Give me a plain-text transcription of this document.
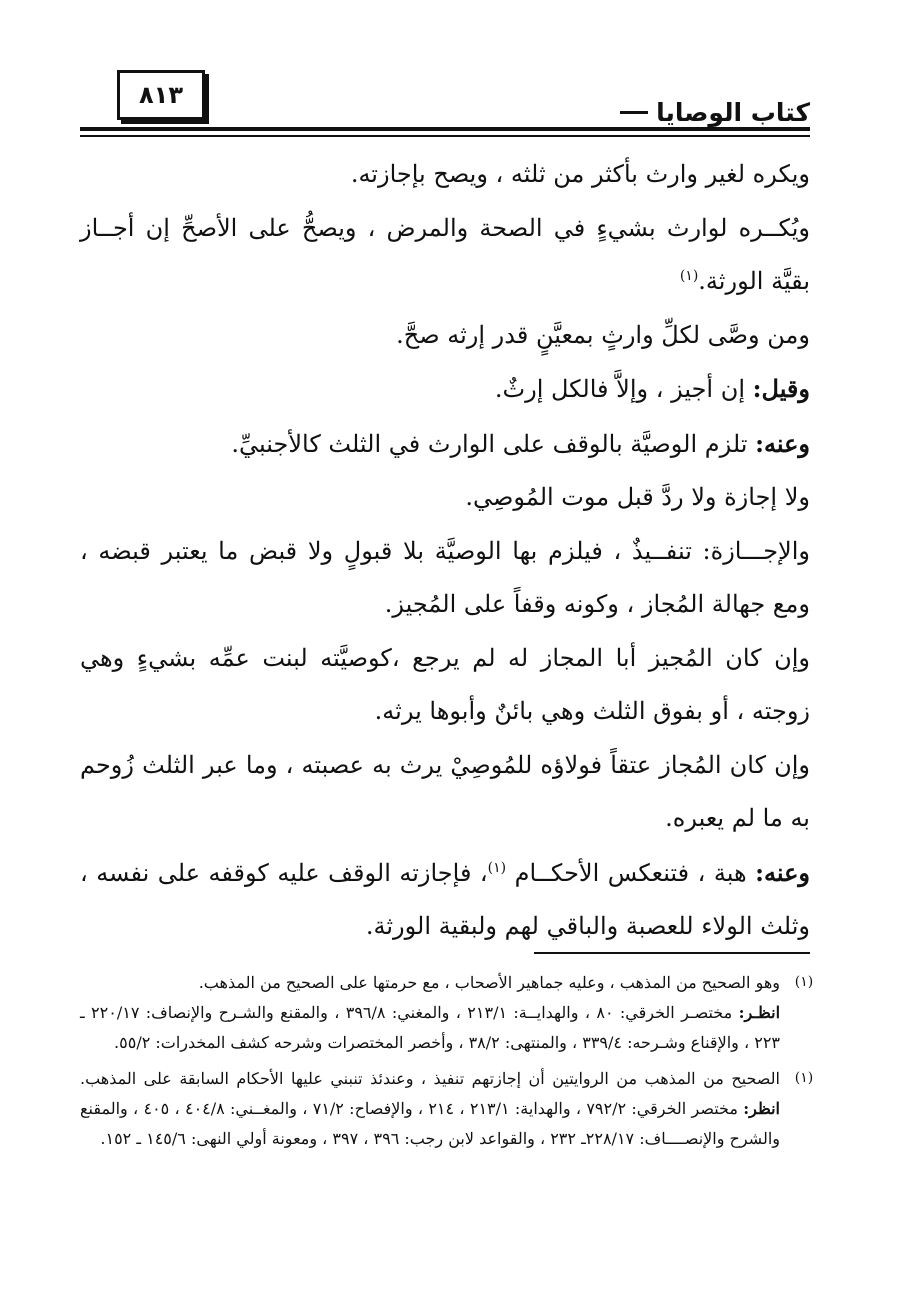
٨١٣
كتاب الوصايا

ويكره لغير وارث بأكثر من ثلثه ، ويصح بإجازته.

ويُكــره لوارث بشيءٍ في الصحة والمرض ، ويصحُّ على الأصحِّ إن أجــاز بقيَّة الورثة.$^{(١)}$

ومن وصَّى لكلِّ وارثٍ بمعيَّنٍ قدر إرثه صحَّ.

وقيل: إن أجيز ، وإلاَّ فالكل إرثٌ.

وعنه: تلزم الوصيَّة بالوقف على الوارث في الثلث كالأجنبيِّ.

ولا إجازة ولا ردَّ قبل موت المُوصِي.

والإجـــازة: تنفــيذٌ ، فيلزم بها الوصيَّة بلا قبولٍ ولا قبض ما يعتبر قبضه ، ومع جهالة المُجاز ، وكونه وقفاً على المُجيز.

وإن كان المُجيز أبا المجاز له لم يرجع ،كوصيَّته لبنت عمِّه بشيءٍ وهي زوجته ، أو بفوق الثلث وهي بائنٌ وأبوها يرثه.

وإن كان المُجاز عتقاً فولاؤه للمُوصِيْ يرث به عصبته ، وما عبر الثلث زُوحم به ما لم يعبره.

وعنه: هبة ، فتنعكس الأحكــام $^{(١)}$، فإجازته الوقف عليه كوقفه على نفسه ، وثلث الولاء للعصبة والباقي لهم ولبقية الورثة.

(١)
وهو الصحيح من المذهب ، وعليه جماهير الأصحاب ، مع حرمتها على الصحيح من المذهب.
انظـر: مختصـر الخرقي: ٨٠ ، والهدايــة: ٢١٣/١ ، والمغني: ٣٩٦/٨ ، والمقنع والشـرح والإنصاف: ٢٢٠/١٧ ـ ٢٢٣ ، والإقناع وشـرحه: ٣٣٩/٤ ، والمنتهى: ٣٨/٢ ، وأخصر المختصرات وشرحه كشف المخدرات: ٥٥/٢.
(١)
الصحيح من المذهب من الروايتين أن إجازتهم تنفيذ ، وعندئذ تنبني عليها الأحكام السابقة على المذهب. انظر: مختصر الخرقي: ٧٩٢/٢ ، والهداية: ٢١٣/١ ، ٢١٤ ، والإفصاح: ٧١/٢ ، والمغــني: ٤٠٤/٨ ، ٤٠٥ ، والمقنع والشرح والإنصــــاف: ٢٢٨/١٧ـ ٢٣٢ ، والقواعد لابن رجب: ٣٩٦ ، ٣٩٧ ، ومعونة أولي النهى: ١٤٥/٦ ـ ١٥٢.
